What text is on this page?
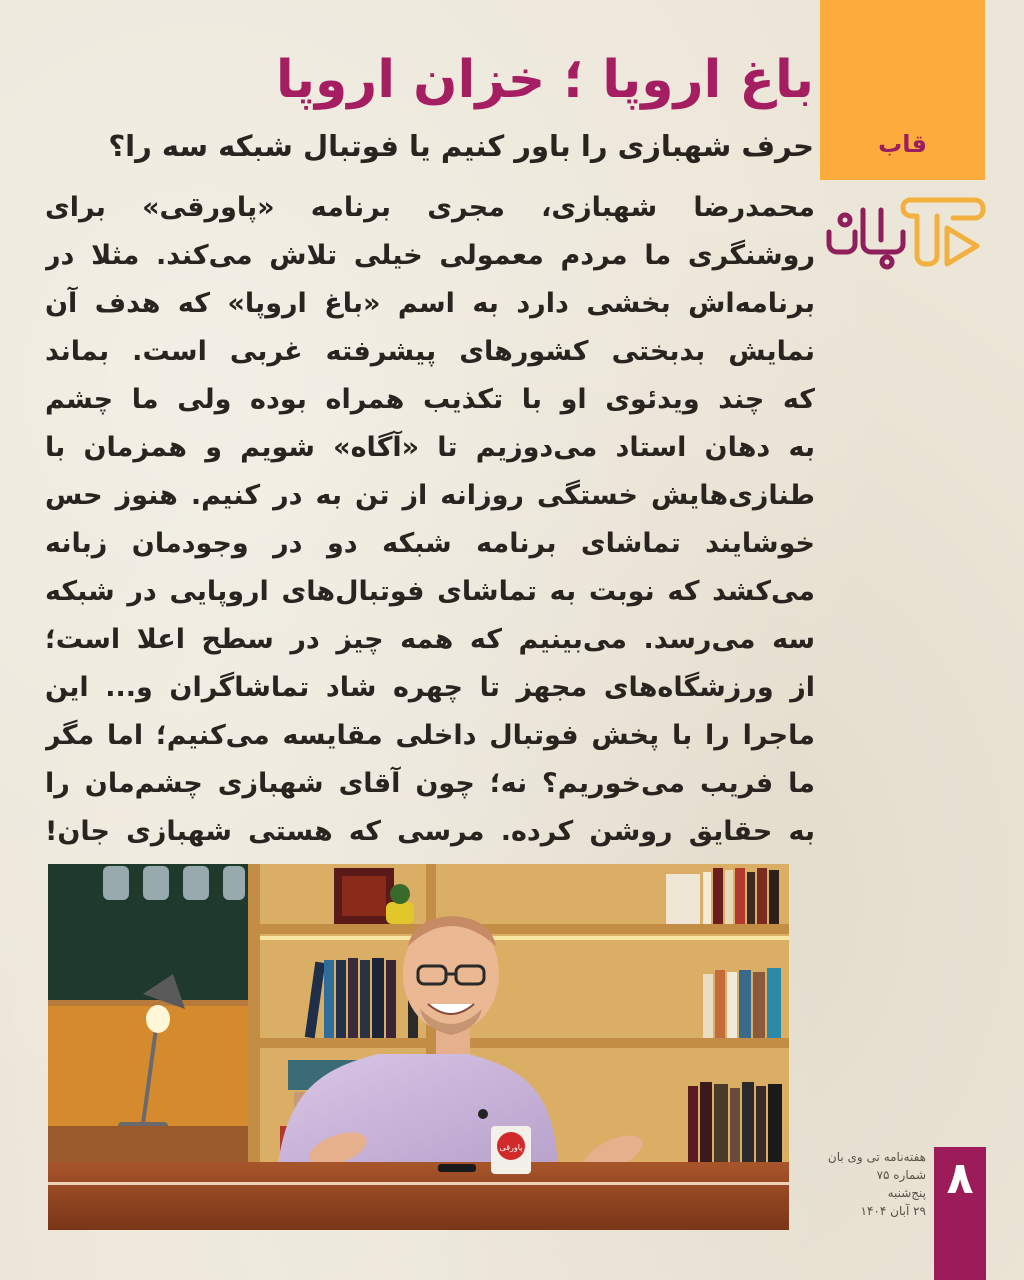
قاب
باغ اروپا ؛ خزان اروپا
حرف شهبازی را باور کنیم یا فوتبال شبکه سه را؟
محمدرضا شهبازی، مجری برنامه «پاورقی» برای
روشنگری ما مردم معمولی خیلی تلاش می‌کند. مثلا در
برنامه‌اش بخشی دارد به اسم «باغ اروپا» که هدف آن
نمایش بدبختی کشورهای پیشرفته غربی است. بماند
که چند ویدئوی او با تکذیب همراه بوده ولی ما چشم
به دهان استاد می‌دوزیم تا «آگاه» شویم و همزمان با
طنازی‌هایش خستگی روزانه از تن به در کنیم. هنوز حس
خوشایند تماشای برنامه شبکه دو در وجودمان زبانه
می‌کشد که نوبت به تماشای فوتبال‌های اروپایی در شبکه
سه می‌رسد. می‌بینیم که همه چیز در سطح اعلا است؛
از ورزشگاه‌های مجهز تا چهره شاد تماشاگران و... این
ماجرا را با پخش فوتبال داخلی مقایسه می‌کنیم؛ اما مگر
ما فریب می‌خوریم؟ نه؛ چون آقای شهبازی چشم‌مان را
به حقایق روشن کرده. مرسی که هستی شهبازی جان!
پاورقی
هفته‌نامه تی وی بان
شماره ۷۵
پنج‌شنبه
۲۹ آبان ۱۴۰۴
۸
